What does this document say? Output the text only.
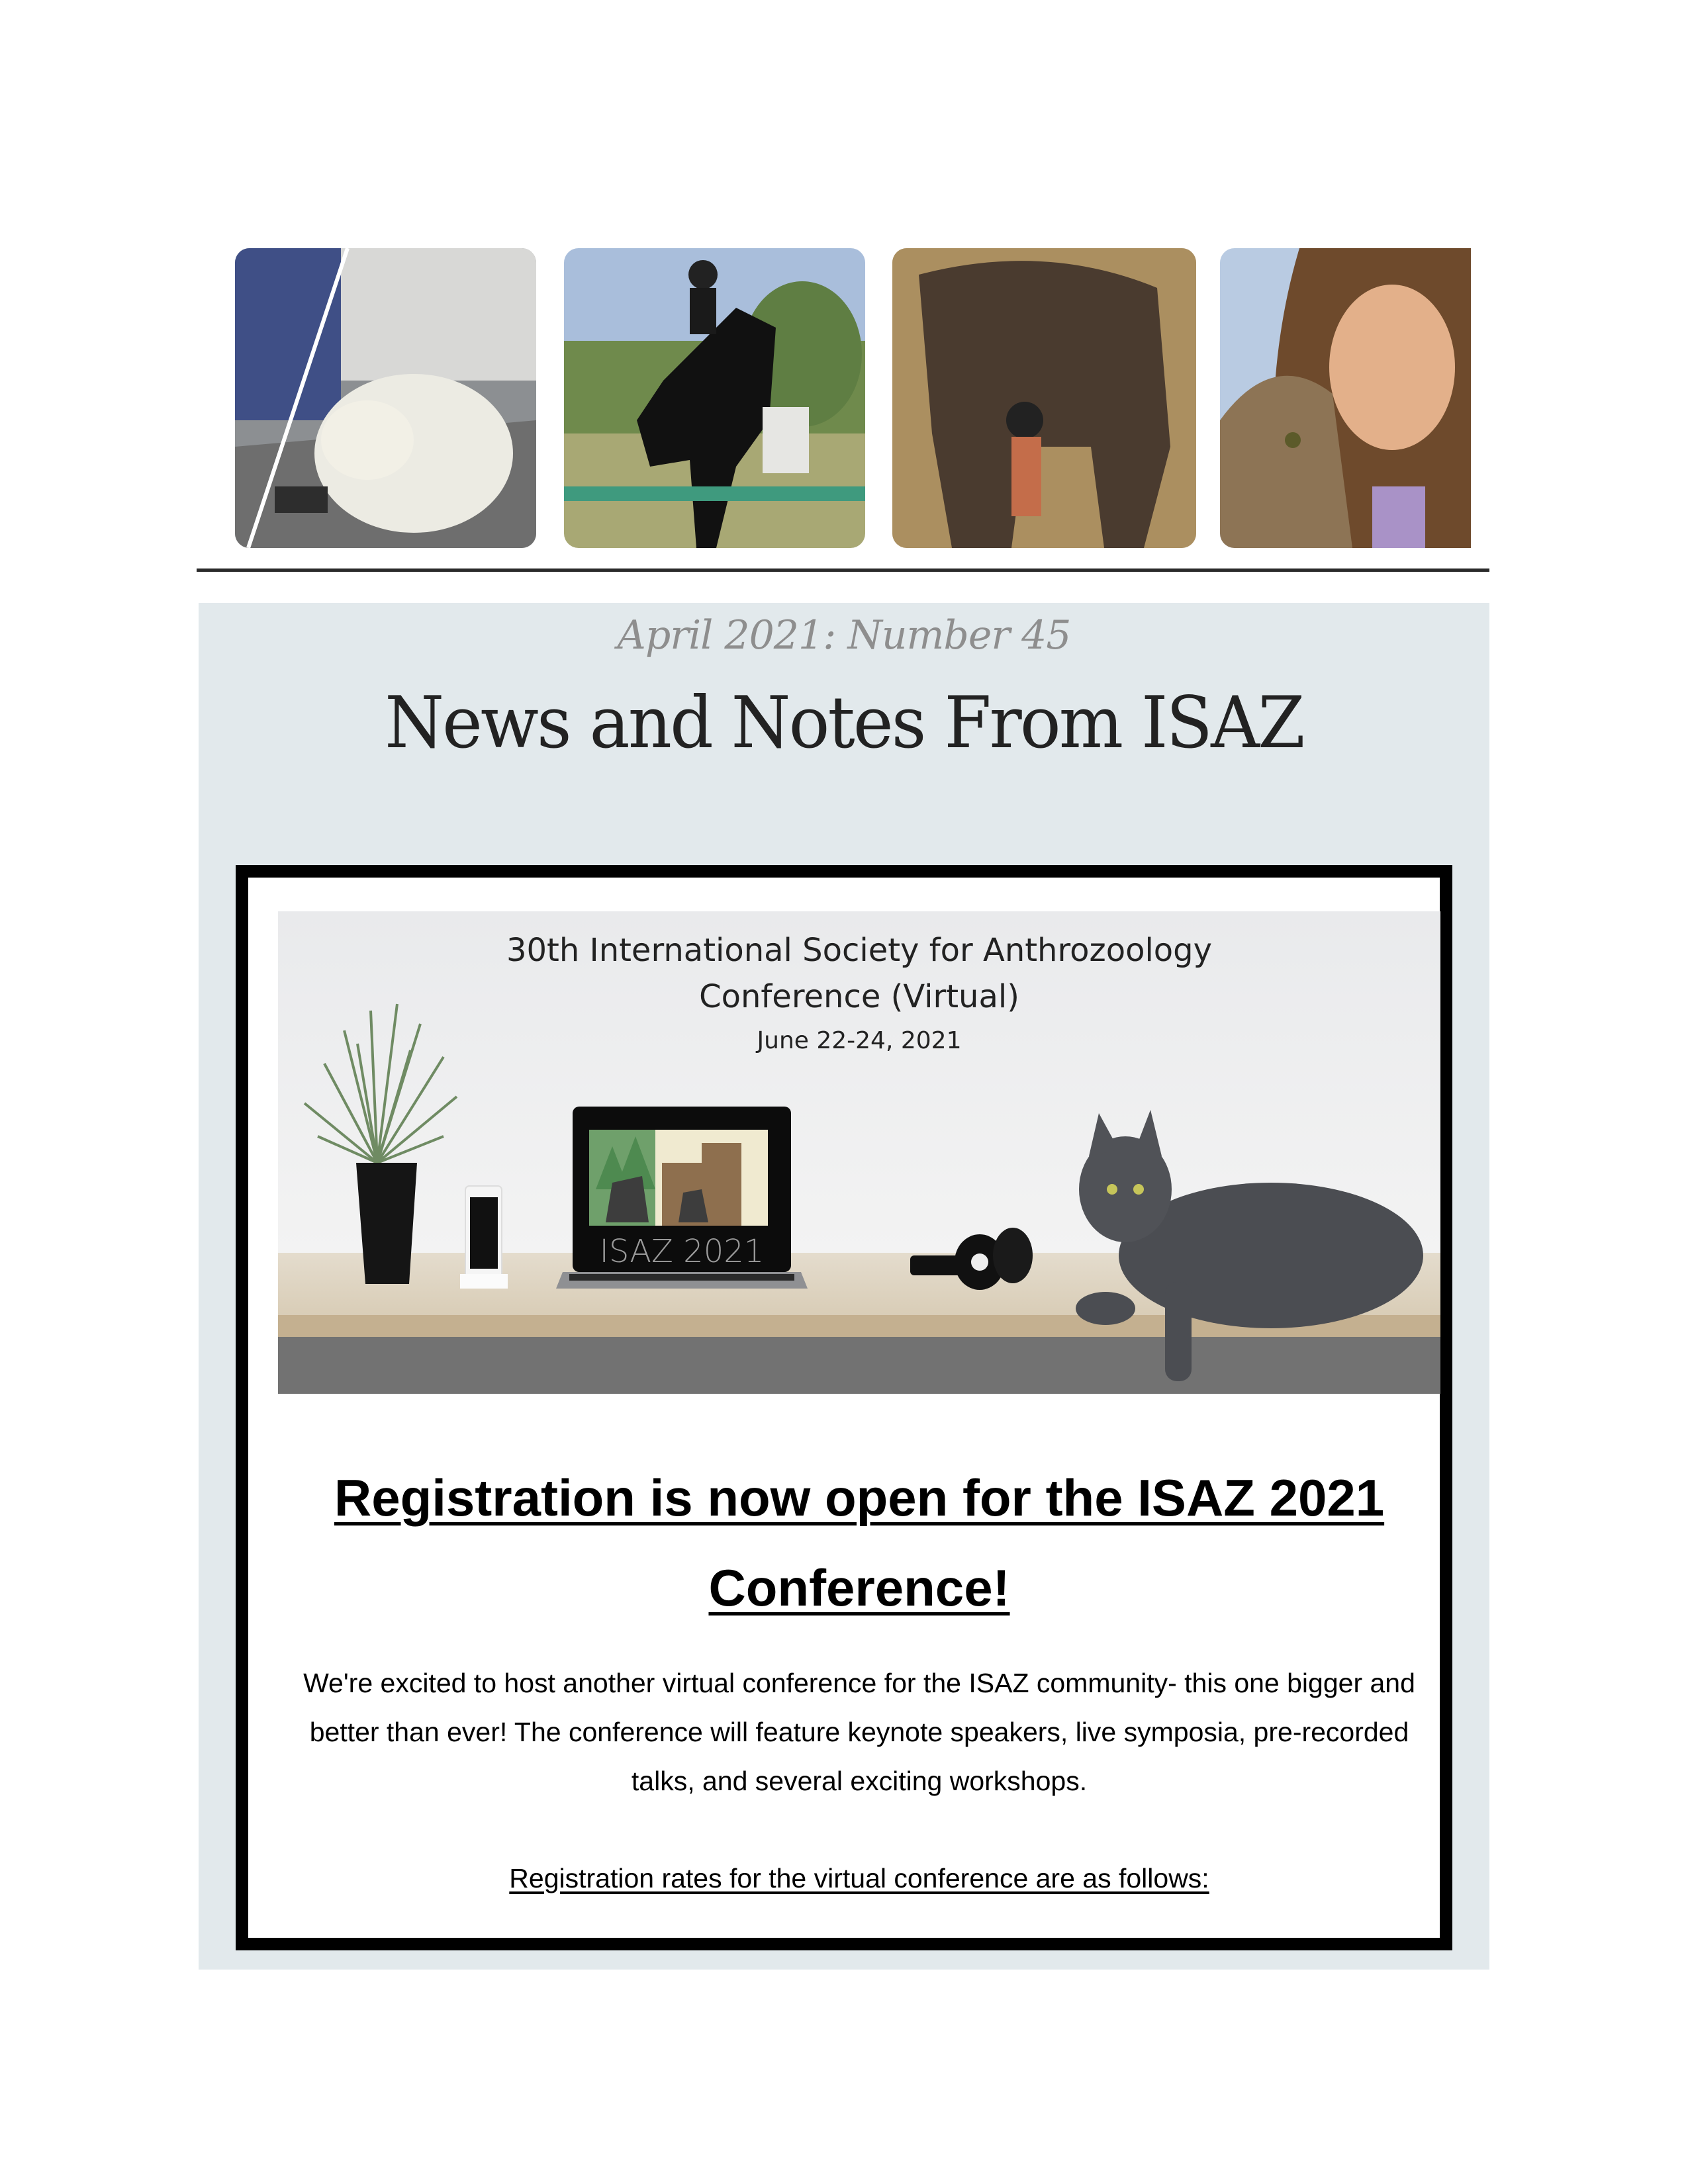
April 2021: Number 45
News and Notes From ISAZ
ISAZ 2021
30th International Society for Anthrozoology
Conference (Virtual)
June 22-24, 2021
Registration is now open for the ISAZ 2021
Conference!
We're excited to host another virtual conference for the ISAZ community- this one bigger and better than ever! The conference will feature keynote speakers, live symposia, pre-recorded talks, and several exciting workshops.
Registration rates for the virtual conference are as follows:
